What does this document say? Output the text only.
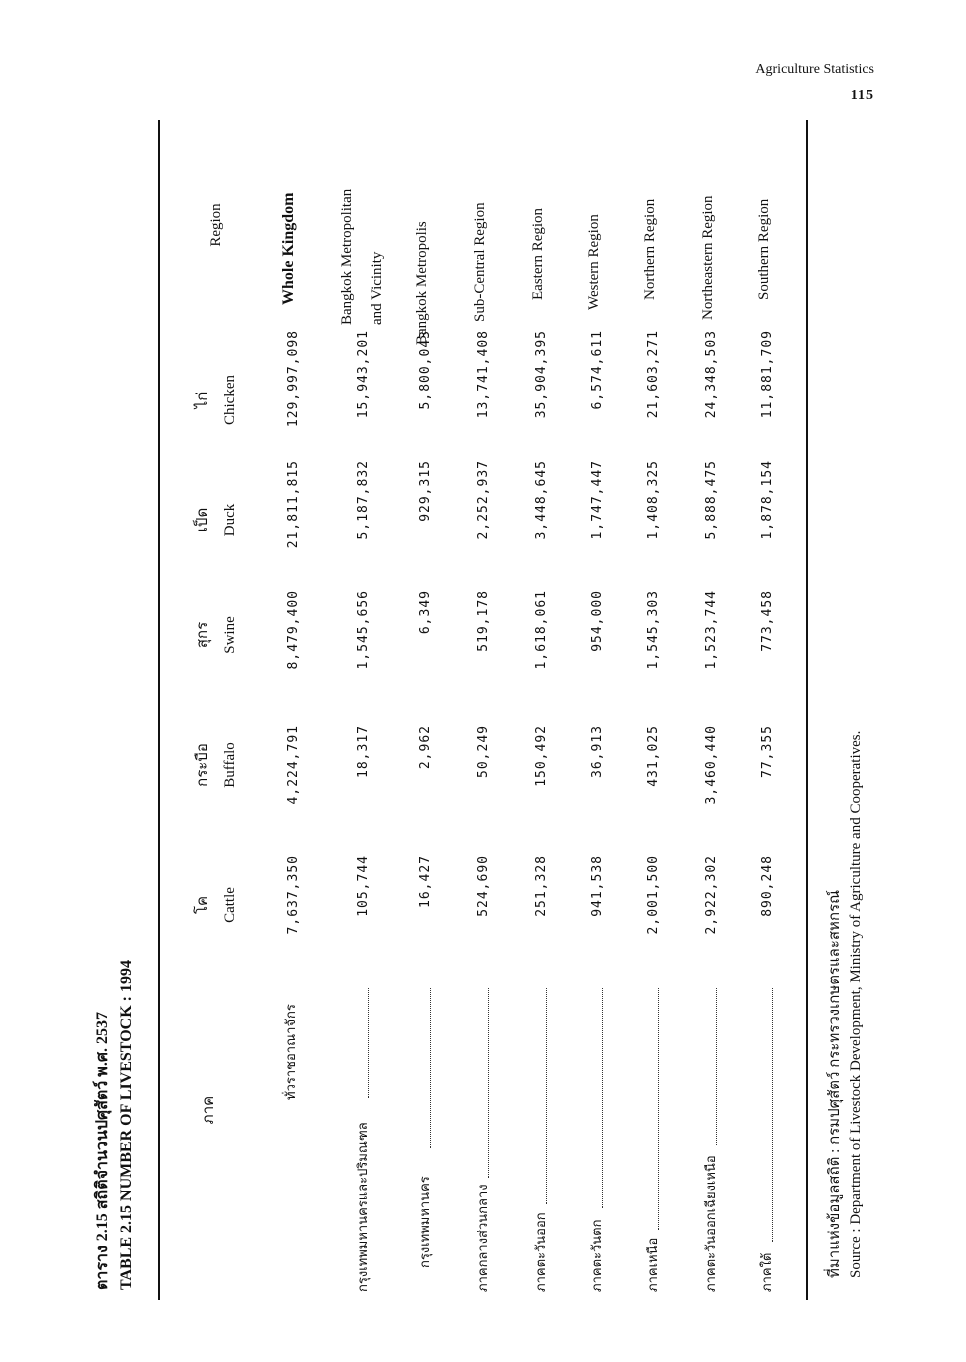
Agriculture Statistics
115
ตาราง 2.15 สถิติจำนวนปศุสัตว์ พ.ศ. 2537 TABLE 2.15 NUMBER OF LIVESTOCK : 1994	ภาค
โค Cattle
กระบือ Buffalo
สุกร Swine
เป็ด Duck
ไก่ Chicken
Region
ทั่วราชอาณาจักร
7,637,350
4,224,791
8,479,400
21,811,815
129,997,098
Whole Kingdom
กรุงเทพมหานครและปริมณฑล
105,744
18,317
1,545,656
5,187,832
15,943,201
Bangkok Metropolitan and Vicinity
กรุงเทพมหานคร
16,427
2,962
6,349
929,315
5,800,043
Bangkok Metropolis
ภาคกลางส่วนกลาง
524,690
50,249
519,178
2,252,937
13,741,408
Sub-Central Region
ภาคตะวันออก
251,328
150,492
1,618,061
3,448,645
35,904,395
Eastern Region
ภาคตะวันตก
941,538
36,913
954,000
1,747,447
6,574,611
Western Region
ภาคเหนือ
2,001,500
431,025
1,545,303
1,408,325
21,603,271
Northern Region
ภาคตะวันออกเฉียงเหนือ
2,922,302
3,460,440
1,523,744
5,888,475
24,348,503
Northeastern Region
ภาคใต้
890,248
77,355
773,458
1,878,154
11,881,709
Southern Region
ที่มาแห่งข้อมูลสถิติ : กรมปศุสัตว์ กระทรวงเกษตรและสหกรณ์ Source : Department of Livestock Development, Ministry of Agriculture and Cooperatives.
